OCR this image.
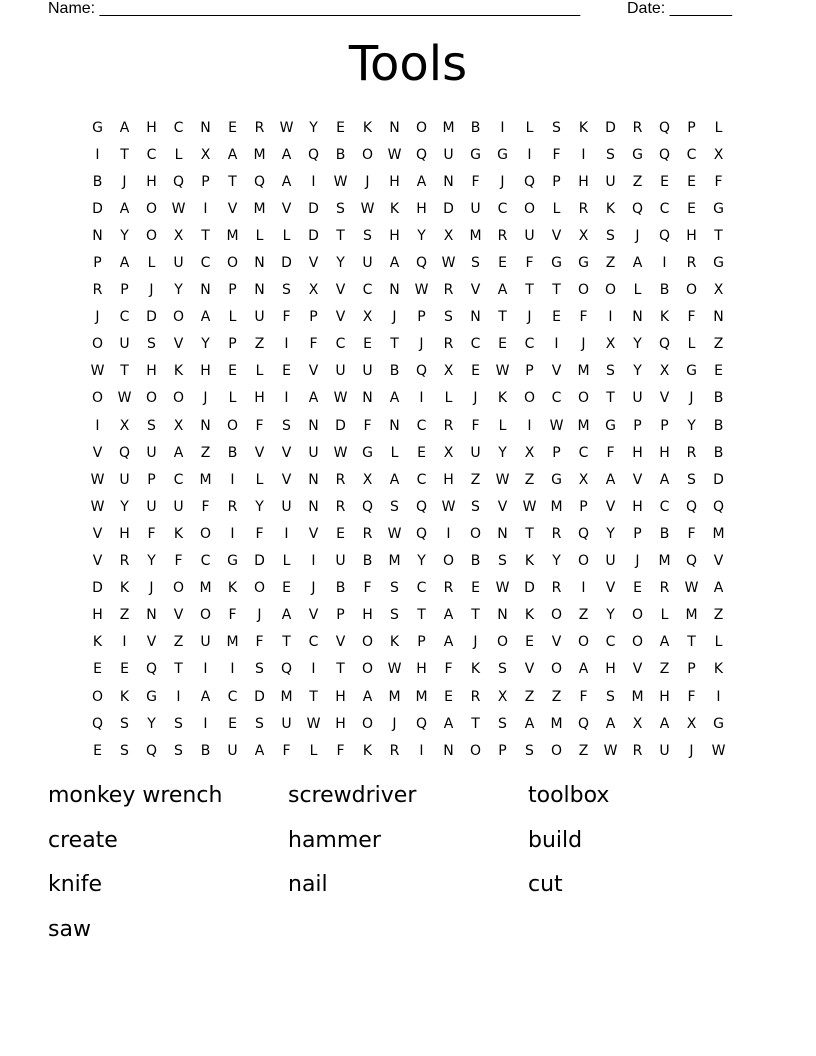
Name: ______________________________________________________	Date: _______
Tools
G	A	H	C	N	E	R	W	Y	E	K	N	O	M	B	I	L	S	K	D	R	Q	P	L
I	T	C	L	X	A	M	A	Q	B	O	W	Q	U	G	G	I	F	I	S	G	Q	C	X
B	J	H	Q	P	T	Q	A	I	W	J	H	A	N	F	J	Q	P	H	U	Z	E	E	F
D	A	O	W	I	V	M	V	D	S	W	K	H	D	U	C	O	L	R	K	Q	C	E	G
N	Y	O	X	T	M	L	L	D	T	S	H	Y	X	M	R	U	V	X	S	J	Q	H	T
P	A	L	U	C	O	N	D	V	Y	U	A	Q	W	S	E	F	G	G	Z	A	I	R	G
R	P	J	Y	N	P	N	S	X	V	C	N	W	R	V	A	T	T	O	O	L	B	O	X
J	C	D	O	A	L	U	F	P	V	X	J	P	S	N	T	J	E	F	I	N	K	F	N
O	U	S	V	Y	P	Z	I	F	C	E	T	J	R	C	E	C	I	J	X	Y	Q	L	Z
W	T	H	K	H	E	L	E	V	U	U	B	Q	X	E	W	P	V	M	S	Y	X	G	E
O	W	O	O	J	L	H	I	A	W	N	A	I	L	J	K	O	C	O	T	U	V	J	B
I	X	S	X	N	O	F	S	N	D	F	N	C	R	F	L	I	W	M	G	P	P	Y	B
V	Q	U	A	Z	B	V	V	U	W	G	L	E	X	U	Y	X	P	C	F	H	H	R	B
W	U	P	C	M	I	L	V	N	R	X	A	C	H	Z	W	Z	G	X	A	V	A	S	D
W	Y	U	U	F	R	Y	U	N	R	Q	S	Q	W	S	V	W	M	P	V	H	C	Q	Q
V	H	F	K	O	I	F	I	V	E	R	W	Q	I	O	N	T	R	Q	Y	P	B	F	M
V	R	Y	F	C	G	D	L	I	U	B	M	Y	O	B	S	K	Y	O	U	J	M	Q	V
D	K	J	O	M	K	O	E	J	B	F	S	C	R	E	W	D	R	I	V	E	R	W	A
H	Z	N	V	O	F	J	A	V	P	H	S	T	A	T	N	K	O	Z	Y	O	L	M	Z
K	I	V	Z	U	M	F	T	C	V	O	K	P	A	J	O	E	V	O	C	O	A	T	L
E	E	Q	T	I	I	S	Q	I	T	O	W	H	F	K	S	V	O	A	H	V	Z	P	K
O	K	G	I	A	C	D	M	T	H	A	M	M	E	R	X	Z	Z	F	S	M	H	F	I
Q	S	Y	S	I	E	S	U	W	H	O	J	Q	A	T	S	A	M	Q	A	X	A	X	G
E	S	Q	S	B	U	A	F	L	F	K	R	I	N	O	P	S	O	Z	W	R	U	J	W
monkey wrench	screwdriver	toolbox
create	hammer	build
knife	nail	cut
saw
